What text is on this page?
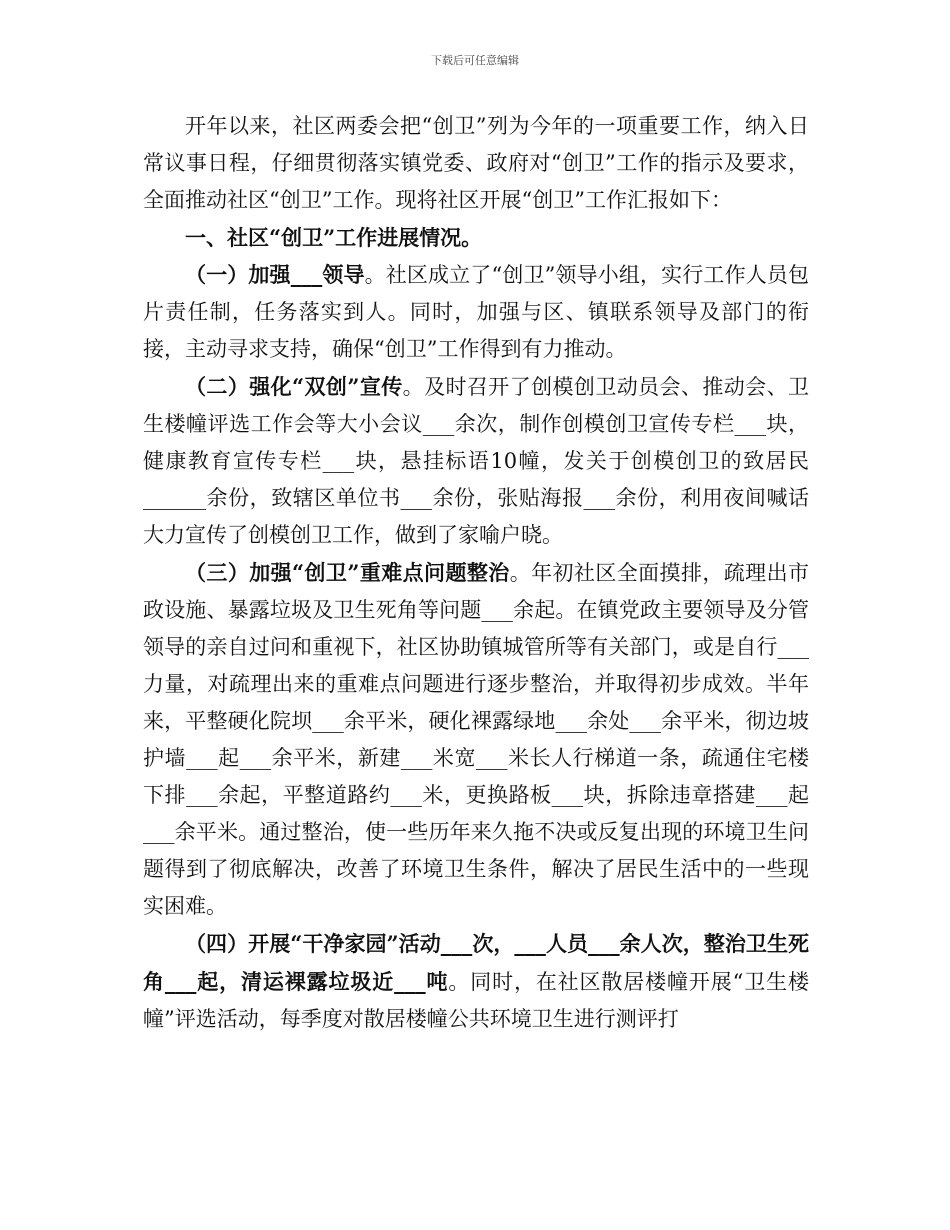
下载后可任意编辑

开年以来，社区两委会把“创卫”列为今年的一项重要工作，纳入日常议事日程，仔细贯彻落实镇党委、政府对“创卫”工作的指示及要求，全面推动社区“创卫”工作。现将社区开展“创卫”工作汇报如下：

一、社区“创卫”工作进展情况。

（一）加强___领导。社区成立了“创卫”领导小组，实行工作人员包片责任制，任务落实到人。同时，加强与区、镇联系领导及部门的衔接，主动寻求支持，确保“创卫”工作得到有力推动。

（二）强化“双创”宣传。及时召开了创模创卫动员会、推动会、卫生楼幢评选工作会等大小会议___余次，制作创模创卫宣传专栏___块，健康教育宣传专栏___块，悬挂标语10幢，发关于创模创卫的致居民______余份，致辖区单位书___余份，张贴海报___余份，利用夜间喊话大力宣传了创模创卫工作，做到了家喻户晓。

（三）加强“创卫”重难点问题整治。年初社区全面摸排，疏理出市政设施、暴露垃圾及卫生死角等问题___余起。在镇党政主要领导及分管领导的亲自过问和重视下，社区协助镇城管所等有关部门，或是自行___力量，对疏理出来的重难点问题进行逐步整治，并取得初步成效。半年来，平整硬化院坝___余平米，硬化裸露绿地___余处___余平米，彻边坡护墙___起___余平米，新建___米宽___米长人行梯道一条，疏通住宅楼下排___余起，平整道路约___米，更换路板___块，拆除违章搭建___起___余平米。通过整治，使一些历年来久拖不决或反复出现的环境卫生问题得到了彻底解决，改善了环境卫生条件，解决了居民生活中的一些现实困难。

（四）开展“干净家园”活动___次，___人员___余人次，整治卫生死角___起，清运裸露垃圾近___吨。同时，在社区散居楼幢开展“卫生楼幢”评选活动，每季度对散居楼幢公共环境卫生进行测评打
